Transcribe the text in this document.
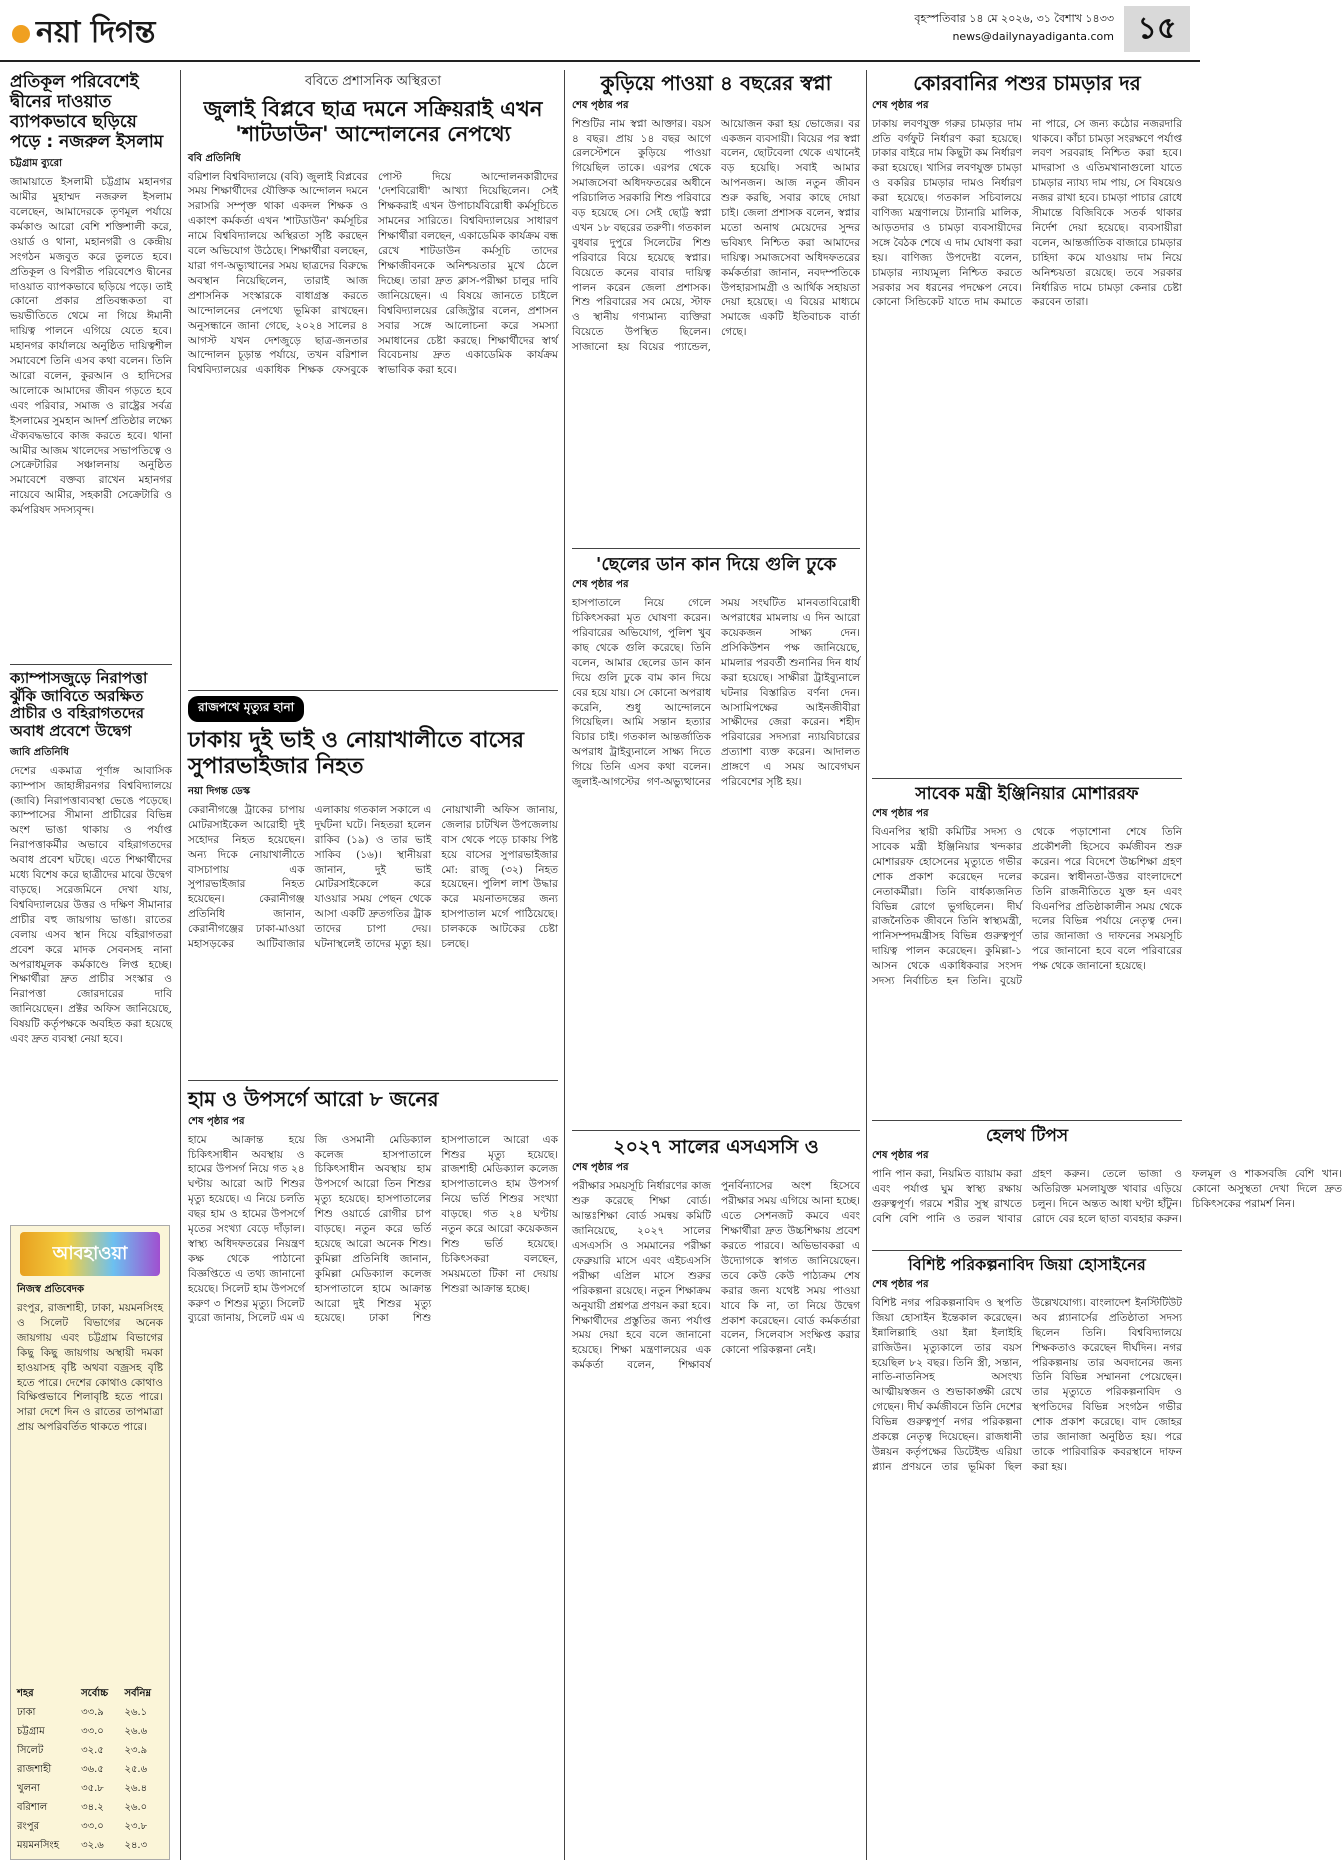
নয়া দিগন্ত	বৃহস্পতিবার ১৪ মে ২০২৬, ৩১ বৈশাখ ১৪৩৩
news@dailynayadiganta.com ১৫
প্রতিকূল পরিবেশেই দ্বীনের দাওয়াত ব্যাপকভাবে ছড়িয়ে পড়ে : নজরুল ইসলাম
চট্টগ্রাম ব্যুরো
জামায়াতে ইসলামী চট্টগ্রাম মহানগর আমীর মুহাম্মদ নজরুল ইসলাম বলেছেন, আমাদেরকে তৃণমূল পর্যায়ে কর্মকাণ্ড আরো বেশি শক্তিশালী করে, ওয়ার্ড ও থানা, মহানগরী ও কেন্দ্রীয় সংগঠন মজবুত করে তুলতে হবে। প্রতিকূল ও বিপরীত পরিবেশেও দ্বীনের দাওয়াত ব্যাপকভাবে ছড়িয়ে পড়ে। তাই কোনো প্রকার প্রতিবন্ধকতা বা ভয়ভীতিতে থেমে না গিয়ে ঈমানী দায়িত্ব পালনে এগিয়ে যেতে হবে। মহানগর কার্যালয়ে অনুষ্ঠিত দায়িত্বশীল সমাবেশে তিনি এসব কথা বলেন। তিনি আরো বলেন, কুরআন ও হাদিসের আলোকে আমাদের জীবন গড়তে হবে এবং পরিবার, সমাজ ও রাষ্ট্রের সর্বত্র ইসলামের সুমহান আদর্শ প্রতিষ্ঠার লক্ষ্যে ঐক্যবদ্ধভাবে কাজ করতে হবে। থানা আমীর আজম খালেদের সভাপতিত্বে ও সেক্রেটারির সঞ্চালনায় অনুষ্ঠিত সমাবেশে বক্তব্য রাখেন মহানগর নায়েবে আমীর, সহকারী সেক্রেটারি ও কর্মপরিষদ সদস্যবৃন্দ।
ক্যাম্পাসজুড়ে নিরাপত্তা ঝুঁকি জাবিতে অরক্ষিত প্রাচীর ও বহিরাগতদের অবাধ প্রবেশে উদ্বেগ
জাবি প্রতিনিধি
দেশের একমাত্র পূর্ণাঙ্গ আবাসিক ক্যাম্পাস জাহাঙ্গীরনগর বিশ্ববিদ্যালয়ে (জাবি) নিরাপত্তাব্যবস্থা ভেঙে পড়েছে। ক্যাম্পাসের সীমানা প্রাচীরের বিভিন্ন অংশ ভাঙা থাকায় ও পর্যাপ্ত নিরাপত্তাকর্মীর অভাবে বহিরাগতদের অবাধ প্রবেশ ঘটছে। এতে শিক্ষার্থীদের মধ্যে বিশেষ করে ছাত্রীদের মাঝে উদ্বেগ বাড়ছে। সরেজমিনে দেখা যায়, বিশ্ববিদ্যালয়ের উত্তর ও দক্ষিণ সীমানার প্রাচীর বহু জায়গায় ভাঙা। রাতের বেলায় এসব স্থান দিয়ে বহিরাগতরা প্রবেশ করে মাদক সেবনসহ নানা অপরাধমূলক কর্মকাণ্ডে লিপ্ত হচ্ছে। শিক্ষার্থীরা দ্রুত প্রাচীর সংস্কার ও নিরাপত্তা জোরদারের দাবি জানিয়েছেন। প্রক্টর অফিস জানিয়েছে, বিষয়টি কর্তৃপক্ষকে অবহিত করা হয়েছে এবং দ্রুত ব্যবস্থা নেয়া হবে।
আবহাওয়া
নিজস্ব প্রতিবেদক
রংপুর, রাজশাহী, ঢাকা, ময়মনসিংহ ও সিলেট বিভাগের অনেক জায়গায় এবং চট্টগ্রাম বিভাগের কিছু কিছু জায়গায় অস্থায়ী দমকা হাওয়াসহ বৃষ্টি অথবা বজ্রসহ বৃষ্টি হতে পারে। দেশের কোথাও কোথাও বিক্ষিপ্তভাবে শিলাবৃষ্টি হতে পারে। সারা দেশে দিন ও রাতের তাপমাত্রা প্রায় অপরিবর্তিত থাকতে পারে।
শহর	সর্বোচ্চ	সর্বনিম্ন
ঢাকা	৩৩.৯	২৬.১
চট্টগ্রাম	৩৩.০	২৬.৬
সিলেট	৩২.৫	২৩.৯
রাজশাহী	৩৬.৫	২৫.৬
খুলনা	৩৫.৮	২৬.৪
বরিশাল	৩৪.২	২৬.০
রংপুর	৩৩.০	২৩.৮
ময়মনসিংহ	৩২.৬	২৪.৩
ববিতে প্রশাসনিক অস্থিরতা
জুলাই বিপ্লবে ছাত্র দমনে সক্রিয়রাই এখন 'শাটডাউন' আন্দোলনের নেপথ্যে
ববি প্রতিনিধি
বরিশাল বিশ্ববিদ্যালয়ে (ববি) জুলাই বিপ্লবের সময় শিক্ষার্থীদের যৌক্তিক আন্দোলন দমনে সরাসরি সম্পৃক্ত থাকা একদল শিক্ষক ও একাংশ কর্মকর্তা এখন 'শাটডাউন' কর্মসূচির নামে বিশ্ববিদ্যালয়ে অস্থিরতা সৃষ্টি করছেন বলে অভিযোগ উঠেছে। শিক্ষার্থীরা বলছেন, যারা গণ-অভ্যুত্থানের সময় ছাত্রদের বিরুদ্ধে অবস্থান নিয়েছিলেন, তারাই আজ প্রশাসনিক সংস্কারকে বাধাগ্রস্ত করতে আন্দোলনের নেপথ্যে ভূমিকা রাখছেন। অনুসন্ধানে জানা গেছে, ২০২৪ সালের ৪ আগস্ট যখন দেশজুড়ে ছাত্র-জনতার আন্দোলন চূড়ান্ত পর্যায়ে, তখন বরিশাল বিশ্ববিদ্যালয়ের একাধিক শিক্ষক ফেসবুকে পোস্ট দিয়ে আন্দোলনকারীদের 'দেশবিরোধী' আখ্যা দিয়েছিলেন। সেই শিক্ষকরাই এখন উপাচার্যবিরোধী কর্মসূচিতে সামনের সারিতে। বিশ্ববিদ্যালয়ের সাধারণ শিক্ষার্থীরা বলছেন, একাডেমিক কার্যক্রম বন্ধ রেখে শাটডাউন কর্মসূচি তাদের শিক্ষাজীবনকে অনিশ্চয়তার মুখে ঠেলে দিচ্ছে। তারা দ্রুত ক্লাস-পরীক্ষা চালুর দাবি জানিয়েছেন। এ বিষয়ে জানতে চাইলে বিশ্ববিদ্যালয়ের রেজিস্ট্রার বলেন, প্রশাসন সবার সঙ্গে আলোচনা করে সমস্যা সমাধানের চেষ্টা করছে। শিক্ষার্থীদের স্বার্থ বিবেচনায় দ্রুত একাডেমিক কার্যক্রম স্বাভাবিক করা হবে।
রাজপথে মৃত্যুর হানা
ঢাকায় দুই ভাই ও নোয়াখালীতে বাসের সুপারভাইজার নিহত
নয়া দিগন্ত ডেস্ক
কেরানীগঞ্জে ট্রাকের চাপায় মোটরসাইকেল আরোহী দুই সহোদর নিহত হয়েছেন। অন্য দিকে নোয়াখালীতে বাসচাপায় এক সুপারভাইজার নিহত হয়েছেন। কেরানীগঞ্জ প্রতিনিধি জানান, কেরানীগঞ্জের ঢাকা-মাওয়া মহাসড়কের আটিবাজার এলাকায় গতকাল সকালে এ দুর্ঘটনা ঘটে। নিহতরা হলেন রাকিব (১৯) ও তার ভাই সাকিব (১৬)। স্থানীয়রা জানান, দুই ভাই মোটরসাইকেলে করে যাওয়ার সময় পেছন থেকে আসা একটি দ্রুতগতির ট্রাক তাদের চাপা দেয়। ঘটনাস্থলেই তাদের মৃত্যু হয়। নোয়াখালী অফিস জানায়, জেলার চাটখিল উপজেলায় বাস থেকে পড়ে চাকায় পিষ্ট হয়ে বাসের সুপারভাইজার মো: রাজু (৩২) নিহত হয়েছেন। পুলিশ লাশ উদ্ধার করে ময়নাতদন্তের জন্য হাসপাতাল মর্গে পাঠিয়েছে। চালককে আটকের চেষ্টা চলছে।
হাম ও উপসর্গে আরো ৮ জনের
শেষ পৃষ্ঠার পর
হামে আক্রান্ত হয়ে চিকিৎসাধীন অবস্থায় ও হামের উপসর্গ নিয়ে গত ২৪ ঘণ্টায় আরো আট শিশুর মৃত্যু হয়েছে। এ নিয়ে চলতি বছর হাম ও হামের উপসর্গে মৃতের সংখ্যা বেড়ে দাঁড়াল। স্বাস্থ্য অধিদফতরের নিয়ন্ত্রণ কক্ষ থেকে পাঠানো বিজ্ঞপ্তিতে এ তথ্য জানানো হয়েছে। সিলেট হাম উপসর্গে করুণ ৩ শিশুর মৃত্যু। সিলেট ব্যুরো জানায়, সিলেট এম এ জি ওসমানী মেডিক্যাল কলেজ হাসপাতালে চিকিৎসাধীন অবস্থায় হাম উপসর্গে আরো তিন শিশুর মৃত্যু হয়েছে। হাসপাতালের শিশু ওয়ার্ডে রোগীর চাপ বাড়ছে। নতুন করে ভর্তি হয়েছে আরো অনেক শিশু। কুমিল্লা প্রতিনিধি জানান, কুমিল্লা মেডিক্যাল কলেজ হাসপাতালে হামে আক্রান্ত আরো দুই শিশুর মৃত্যু হয়েছে। ঢাকা শিশু হাসপাতালে আরো এক শিশুর মৃত্যু হয়েছে। রাজশাহী মেডিক্যাল কলেজ হাসপাতালেও হাম উপসর্গ নিয়ে ভর্তি শিশুর সংখ্যা বাড়ছে। গত ২৪ ঘণ্টায় নতুন করে আরো কয়েকজন শিশু ভর্তি হয়েছে। চিকিৎসকরা বলছেন, সময়মতো টিকা না দেয়ায় শিশুরা আক্রান্ত হচ্ছে।
কুড়িয়ে পাওয়া ৪ বছরের স্বপ্না
শেষ পৃষ্ঠার পর
শিশুটির নাম স্বপ্না আক্তার। বয়স ৪ বছর। প্রায় ১৪ বছর আগে রেলস্টেশনে কুড়িয়ে পাওয়া গিয়েছিল তাকে। এরপর থেকে সমাজসেবা অধিদফতরের অধীনে পরিচালিত সরকারি শিশু পরিবারে বড় হয়েছে সে। সেই ছোট্ট স্বপ্না এখন ১৮ বছরের তরুণী। গতকাল বুধবার দুপুরে সিলেটের শিশু পরিবারে বিয়ে হয়েছে স্বপ্নার। বিয়েতে কনের বাবার দায়িত্ব পালন করেন জেলা প্রশাসক। শিশু পরিবারের সব মেয়ে, স্টাফ ও স্থানীয় গণ্যমান্য ব্যক্তিরা বিয়েতে উপস্থিত ছিলেন। সাজানো হয় বিয়ের প্যান্ডেল, আয়োজন করা হয় ভোজের। বর একজন ব্যবসায়ী। বিয়ের পর স্বপ্না বলেন, ছোটবেলা থেকে এখানেই বড় হয়েছি। সবাই আমার আপনজন। আজ নতুন জীবন শুরু করছি, সবার কাছে দোয়া চাই। জেলা প্রশাসক বলেন, স্বপ্নার মতো অনাথ মেয়েদের সুন্দর ভবিষ্যৎ নিশ্চিত করা আমাদের দায়িত্ব। সমাজসেবা অধিদফতরের কর্মকর্তারা জানান, নবদম্পতিকে উপহারসামগ্রী ও আর্থিক সহায়তা দেয়া হয়েছে। এ বিয়ের মাধ্যমে সমাজে একটি ইতিবাচক বার্তা গেছে।
'ছেলের ডান কান দিয়ে গুলি ঢুকে
শেষ পৃষ্ঠার পর
হাসপাতালে নিয়ে গেলে চিকিৎসকরা মৃত ঘোষণা করেন। পরিবারের অভিযোগ, পুলিশ খুব কাছ থেকে গুলি করেছে। তিনি বলেন, আমার ছেলের ডান কান দিয়ে গুলি ঢুকে বাম কান দিয়ে বের হয়ে যায়। সে কোনো অপরাধ করেনি, শুধু আন্দোলনে গিয়েছিল। আমি সন্তান হত্যার বিচার চাই। গতকাল আন্তর্জাতিক অপরাধ ট্রাইব্যুনালে সাক্ষ্য দিতে গিয়ে তিনি এসব কথা বলেন। জুলাই-আগস্টের গণ-অভ্যুত্থানের সময় সংঘটিত মানবতাবিরোধী অপরাধের মামলায় এ দিন আরো কয়েকজন সাক্ষ্য দেন। প্রসিকিউশন পক্ষ জানিয়েছে, মামলার পরবর্তী শুনানির দিন ধার্য করা হয়েছে। সাক্ষীরা ট্রাইব্যুনালে ঘটনার বিস্তারিত বর্ণনা দেন। আসামিপক্ষের আইনজীবীরা সাক্ষীদের জেরা করেন। শহীদ পরিবারের সদস্যরা ন্যায়বিচারের প্রত্যাশা ব্যক্ত করেন। আদালত প্রাঙ্গণে এ সময় আবেগঘন পরিবেশের সৃষ্টি হয়।
২০২৭ সালের এসএসসি ও
শেষ পৃষ্ঠার পর
পরীক্ষার সময়সূচি নির্ধারণের কাজ শুরু করেছে শিক্ষা বোর্ড। আন্তঃশিক্ষা বোর্ড সমন্বয় কমিটি জানিয়েছে, ২০২৭ সালের এসএসসি ও সমমানের পরীক্ষা ফেব্রুয়ারি মাসে এবং এইচএসসি পরীক্ষা এপ্রিল মাসে শুরুর পরিকল্পনা রয়েছে। নতুন শিক্ষাক্রম অনুযায়ী প্রশ্নপত্র প্রণয়ন করা হবে। শিক্ষার্থীদের প্রস্তুতির জন্য পর্যাপ্ত সময় দেয়া হবে বলে জানানো হয়েছে। শিক্ষা মন্ত্রণালয়ের এক কর্মকর্তা বলেন, শিক্ষাবর্ষ পুনর্বিন্যাসের অংশ হিসেবে পরীক্ষার সময় এগিয়ে আনা হচ্ছে। এতে সেশনজট কমবে এবং শিক্ষার্থীরা দ্রুত উচ্চশিক্ষায় প্রবেশ করতে পারবে। অভিভাবকরা এ উদ্যোগকে স্বাগত জানিয়েছেন। তবে কেউ কেউ পাঠ্যক্রম শেষ করার জন্য যথেষ্ট সময় পাওয়া যাবে কি না, তা নিয়ে উদ্বেগ প্রকাশ করেছেন। বোর্ড কর্মকর্তারা বলেন, সিলেবাস সংক্ষিপ্ত করার কোনো পরিকল্পনা নেই।
কোরবানির পশুর চামড়ার দর
শেষ পৃষ্ঠার পর
ঢাকায় লবণযুক্ত গরুর চামড়ার দাম প্রতি বর্গফুট নির্ধারণ করা হয়েছে। ঢাকার বাইরে দাম কিছুটা কম নির্ধারণ করা হয়েছে। খাসির লবণযুক্ত চামড়া ও বকরির চামড়ার দামও নির্ধারণ করা হয়েছে। গতকাল সচিবালয়ে বাণিজ্য মন্ত্রণালয়ে ট্যানারি মালিক, আড়তদার ও চামড়া ব্যবসায়ীদের সঙ্গে বৈঠক শেষে এ দাম ঘোষণা করা হয়। বাণিজ্য উপদেষ্টা বলেন, চামড়ার ন্যায্যমূল্য নিশ্চিত করতে সরকার সব ধরনের পদক্ষেপ নেবে। কোনো সিন্ডিকেট যাতে দাম কমাতে না পারে, সে জন্য কঠোর নজরদারি থাকবে। কাঁচা চামড়া সংরক্ষণে পর্যাপ্ত লবণ সরবরাহ নিশ্চিত করা হবে। মাদরাসা ও এতিমখানাগুলো যাতে চামড়ার ন্যায্য দাম পায়, সে বিষয়েও নজর রাখা হবে। চামড়া পাচার রোধে সীমান্তে বিজিবিকে সতর্ক থাকার নির্দেশ দেয়া হয়েছে। ব্যবসায়ীরা বলেন, আন্তর্জাতিক বাজারে চামড়ার চাহিদা কমে যাওয়ায় দাম নিয়ে অনিশ্চয়তা রয়েছে। তবে সরকার নির্ধারিত দামে চামড়া কেনার চেষ্টা করবেন তারা।
সাবেক মন্ত্রী ইঞ্জিনিয়ার মোশাররফ
শেষ পৃষ্ঠার পর
বিএনপির স্থায়ী কমিটির সদস্য ও সাবেক মন্ত্রী ইঞ্জিনিয়ার খন্দকার মোশাররফ হোসেনের মৃত্যুতে গভীর শোক প্রকাশ করেছেন দলের নেতাকর্মীরা। তিনি বার্ধক্যজনিত বিভিন্ন রোগে ভুগছিলেন। দীর্ঘ রাজনৈতিক জীবনে তিনি স্বাস্থ্যমন্ত্রী, পানিসম্পদমন্ত্রীসহ বিভিন্ন গুরুত্বপূর্ণ দায়িত্ব পালন করেছেন। কুমিল্লা-১ আসন থেকে একাধিকবার সংসদ সদস্য নির্বাচিত হন তিনি। বুয়েট থেকে পড়াশোনা শেষে তিনি প্রকৌশলী হিসেবে কর্মজীবন শুরু করেন। পরে বিদেশে উচ্চশিক্ষা গ্রহণ করেন। স্বাধীনতা-উত্তর বাংলাদেশে তিনি রাজনীতিতে যুক্ত হন এবং বিএনপির প্রতিষ্ঠাকালীন সময় থেকে দলের বিভিন্ন পর্যায়ে নেতৃত্ব দেন। তার জানাজা ও দাফনের সময়সূচি পরে জানানো হবে বলে পরিবারের পক্ষ থেকে জানানো হয়েছে।
হেলথ টিপস
শেষ পৃষ্ঠার পর
পানি পান করা, নিয়মিত ব্যায়াম করা এবং পর্যাপ্ত ঘুম স্বাস্থ্য রক্ষায় গুরুত্বপূর্ণ। গরমে শরীর সুস্থ রাখতে বেশি বেশি পানি ও তরল খাবার গ্রহণ করুন। তেলে ভাজা ও অতিরিক্ত মসলাযুক্ত খাবার এড়িয়ে চলুন। দিনে অন্তত আধা ঘণ্টা হাঁটুন। রোদে বের হলে ছাতা ব্যবহার করুন। ফলমূল ও শাকসবজি বেশি খান। কোনো অসুস্থতা দেখা দিলে দ্রুত চিকিৎসকের পরামর্শ নিন।
বিশিষ্ট পরিকল্পনাবিদ জিয়া হোসাইনের
শেষ পৃষ্ঠার পর
বিশিষ্ট নগর পরিকল্পনাবিদ ও স্থপতি জিয়া হোসাইন ইন্তেকাল করেছেন। ইন্নালিল্লাহি ওয়া ইন্না ইলাইহি রাজিউন। মৃত্যুকালে তার বয়স হয়েছিল ৮২ বছর। তিনি স্ত্রী, সন্তান, নাতি-নাতনিসহ অসংখ্য আত্মীয়স্বজন ও শুভাকাঙ্ক্ষী রেখে গেছেন। দীর্ঘ কর্মজীবনে তিনি দেশের বিভিন্ন গুরুত্বপূর্ণ নগর পরিকল্পনা প্রকল্পে নেতৃত্ব দিয়েছেন। রাজধানী উন্নয়ন কর্তৃপক্ষের ডিটেইল্ড এরিয়া প্ল্যান প্রণয়নে তার ভূমিকা ছিল উল্লেখযোগ্য। বাংলাদেশ ইনস্টিটিউট অব প্ল্যানার্সের প্রতিষ্ঠাতা সদস্য ছিলেন তিনি। বিশ্ববিদ্যালয়ে শিক্ষকতাও করেছেন দীর্ঘদিন। নগর পরিকল্পনায় তার অবদানের জন্য তিনি বিভিন্ন সম্মাননা পেয়েছেন। তার মৃত্যুতে পরিকল্পনাবিদ ও স্থপতিদের বিভিন্ন সংগঠন গভীর শোক প্রকাশ করেছে। বাদ জোহর তার জানাজা অনুষ্ঠিত হয়। পরে তাকে পারিবারিক কবরস্থানে দাফন করা হয়।
